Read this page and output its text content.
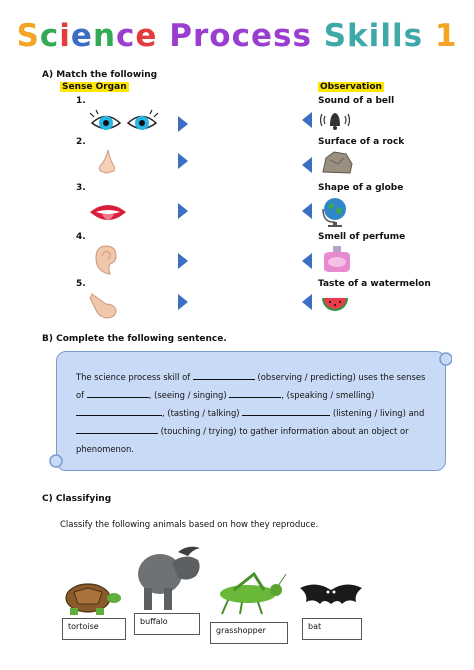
Science Process Skills 1
A) Match the following
Sense Organ	Observation
1.	Sound of a bell
2.	Surface of a rock
3.	Shape of a globe
4.	Smell of perfume
5.	Taste of a watermelon
B) Complete the following sentence.
The science process skill of	(observing / predicting) uses the senses of	, (seeing / singing)	, (speaking / smelling) , (tasting / talking)	(listening / living) and  (touching / trying) to gather information about an object or phenomenon.
C) Classifying
Classify the following animals based on how they reproduce.
tortoise
buffalo
grasshopper	bat
